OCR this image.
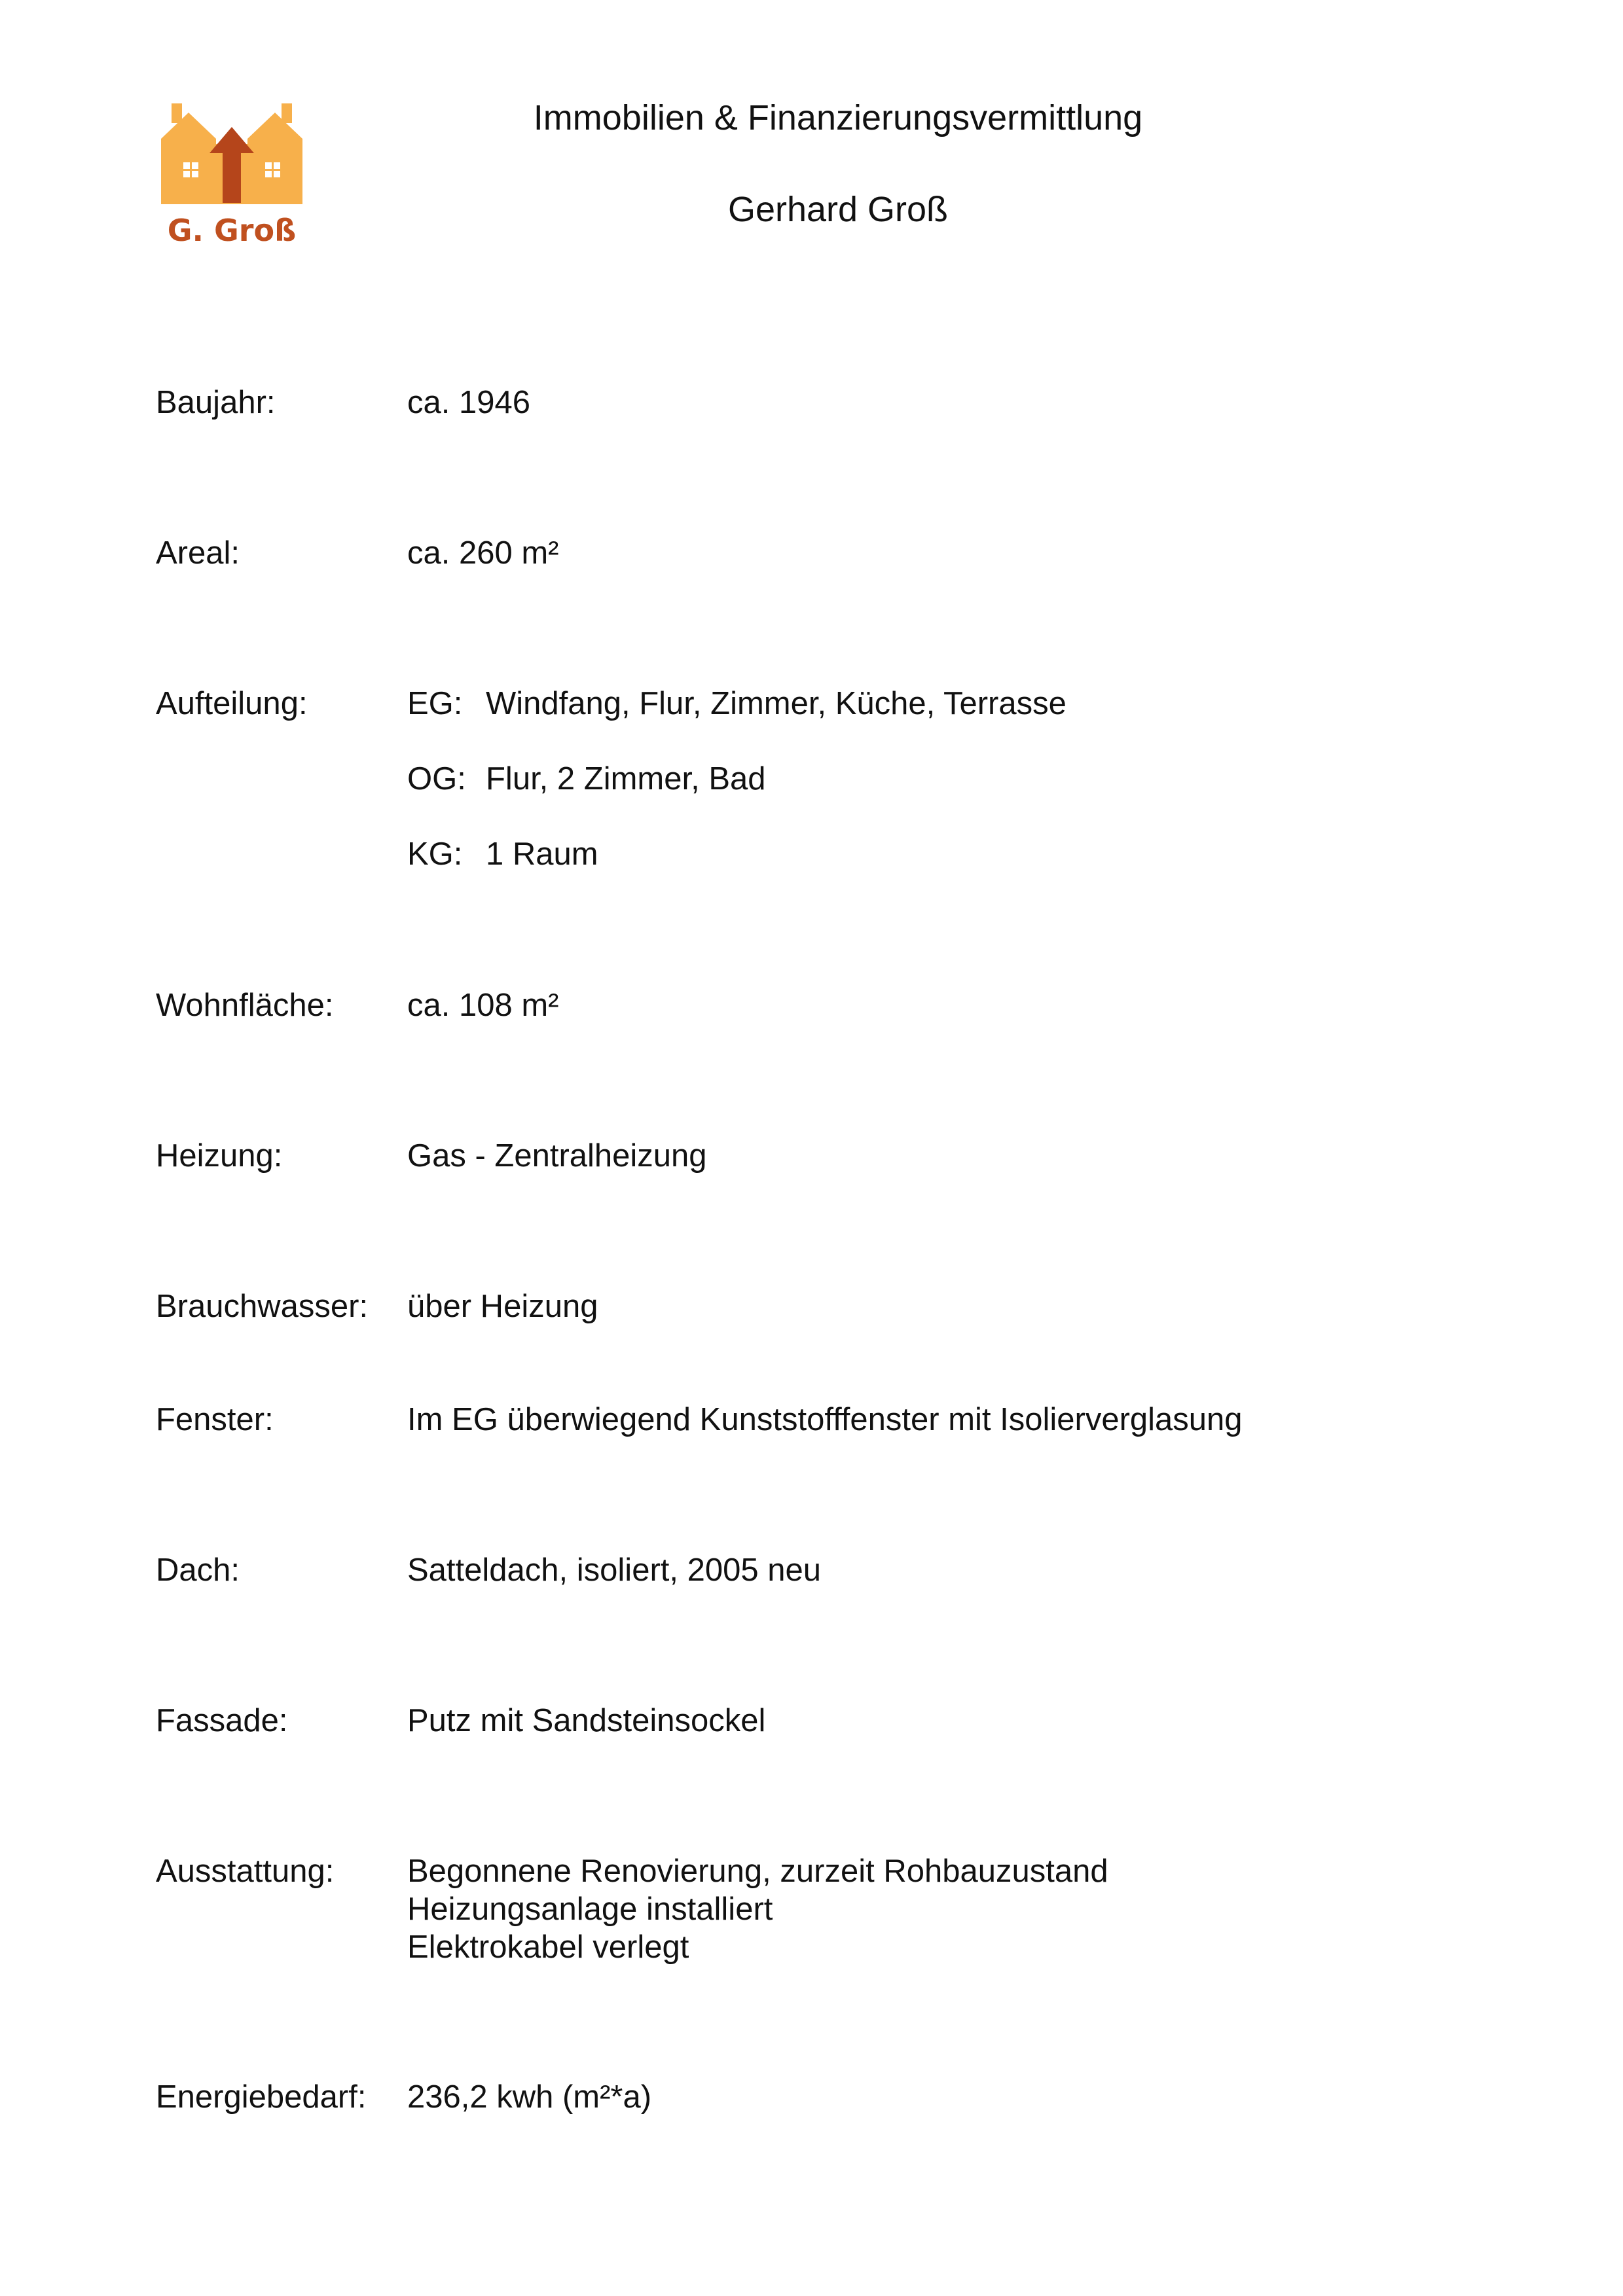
G. Groß
Immobilien & Finanzierungsvermittlung
Gerhard Groß
Baujahr:	ca. 1946
Areal:	ca. 260 m²
Aufteilung:	EG: Windfang, Flur, Zimmer, Küche, Terrasse
OG: Flur, 2 Zimmer, Bad
KG: 1 Raum
Wohnfläche: ca. 108 m²
Heizung:	Gas - Zentralheizung
Brauchwasser: über Heizung
Fenster:	Im EG überwiegend Kunststofffenster mit Isolierverglasung
Dach:	Satteldach, isoliert, 2005 neu
Fassade:	Putz mit Sandsteinsockel
Ausstattung: Begonnene Renovierung, zurzeit Rohbauzustand
Heizungsanlage installiert
Elektrokabel verlegt
Energiebedarf: 236,2 kwh (m²*a)
